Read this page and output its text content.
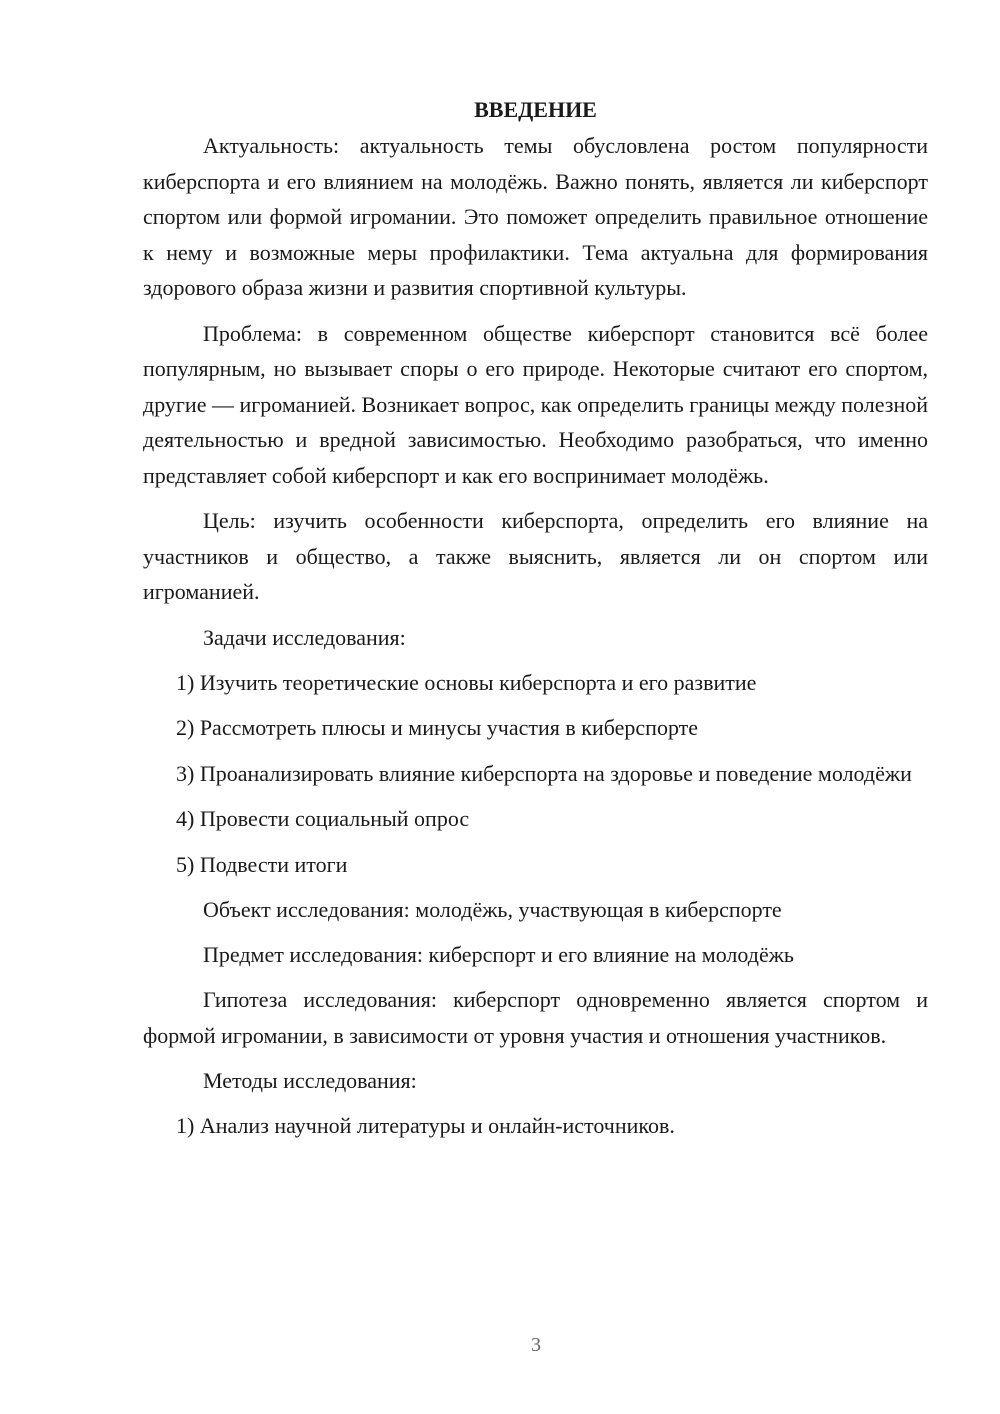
ВВЕДЕНИЕ

Актуальность: актуальность темы обусловлена ростом популярности киберспорта и его влиянием на молодёжь. Важно понять, является ли киберспорт спортом или формой игромании. Это поможет определить правильное отношение к нему и возможные меры профилактики. Тема актуальна для формирования здорового образа жизни и развития спортивной культуры.

Проблема: в современном обществе киберспорт становится всё более популярным, но вызывает споры о его природе. Некоторые считают его спортом, другие — игроманией. Возникает вопрос, как определить границы между полезной деятельностью и вредной зависимостью. Необходимо разобраться, что именно представляет собой киберспорт и как его воспринимает молодёжь.

Цель: изучить особенности киберспорта, определить его влияние на участников и общество, а также выяснить, является ли он спортом или игроманией.

Задачи исследования:

1) Изучить теоретические основы киберспорта и его развитие

2) Рассмотреть плюсы и минусы участия в киберспорте

3) Проанализировать влияние киберспорта на здоровье и поведение молодёжи

4) Провести социальный опрос

5) Подвести итоги

Объект исследования: молодёжь, участвующая в киберспорте

Предмет исследования: киберспорт и его влияние на молодёжь

Гипотеза исследования: киберспорт одновременно является спортом и формой игромании, в зависимости от уровня участия и отношения участников.

Методы исследования:

1) Анализ научной литературы и онлайн-источников.

3
